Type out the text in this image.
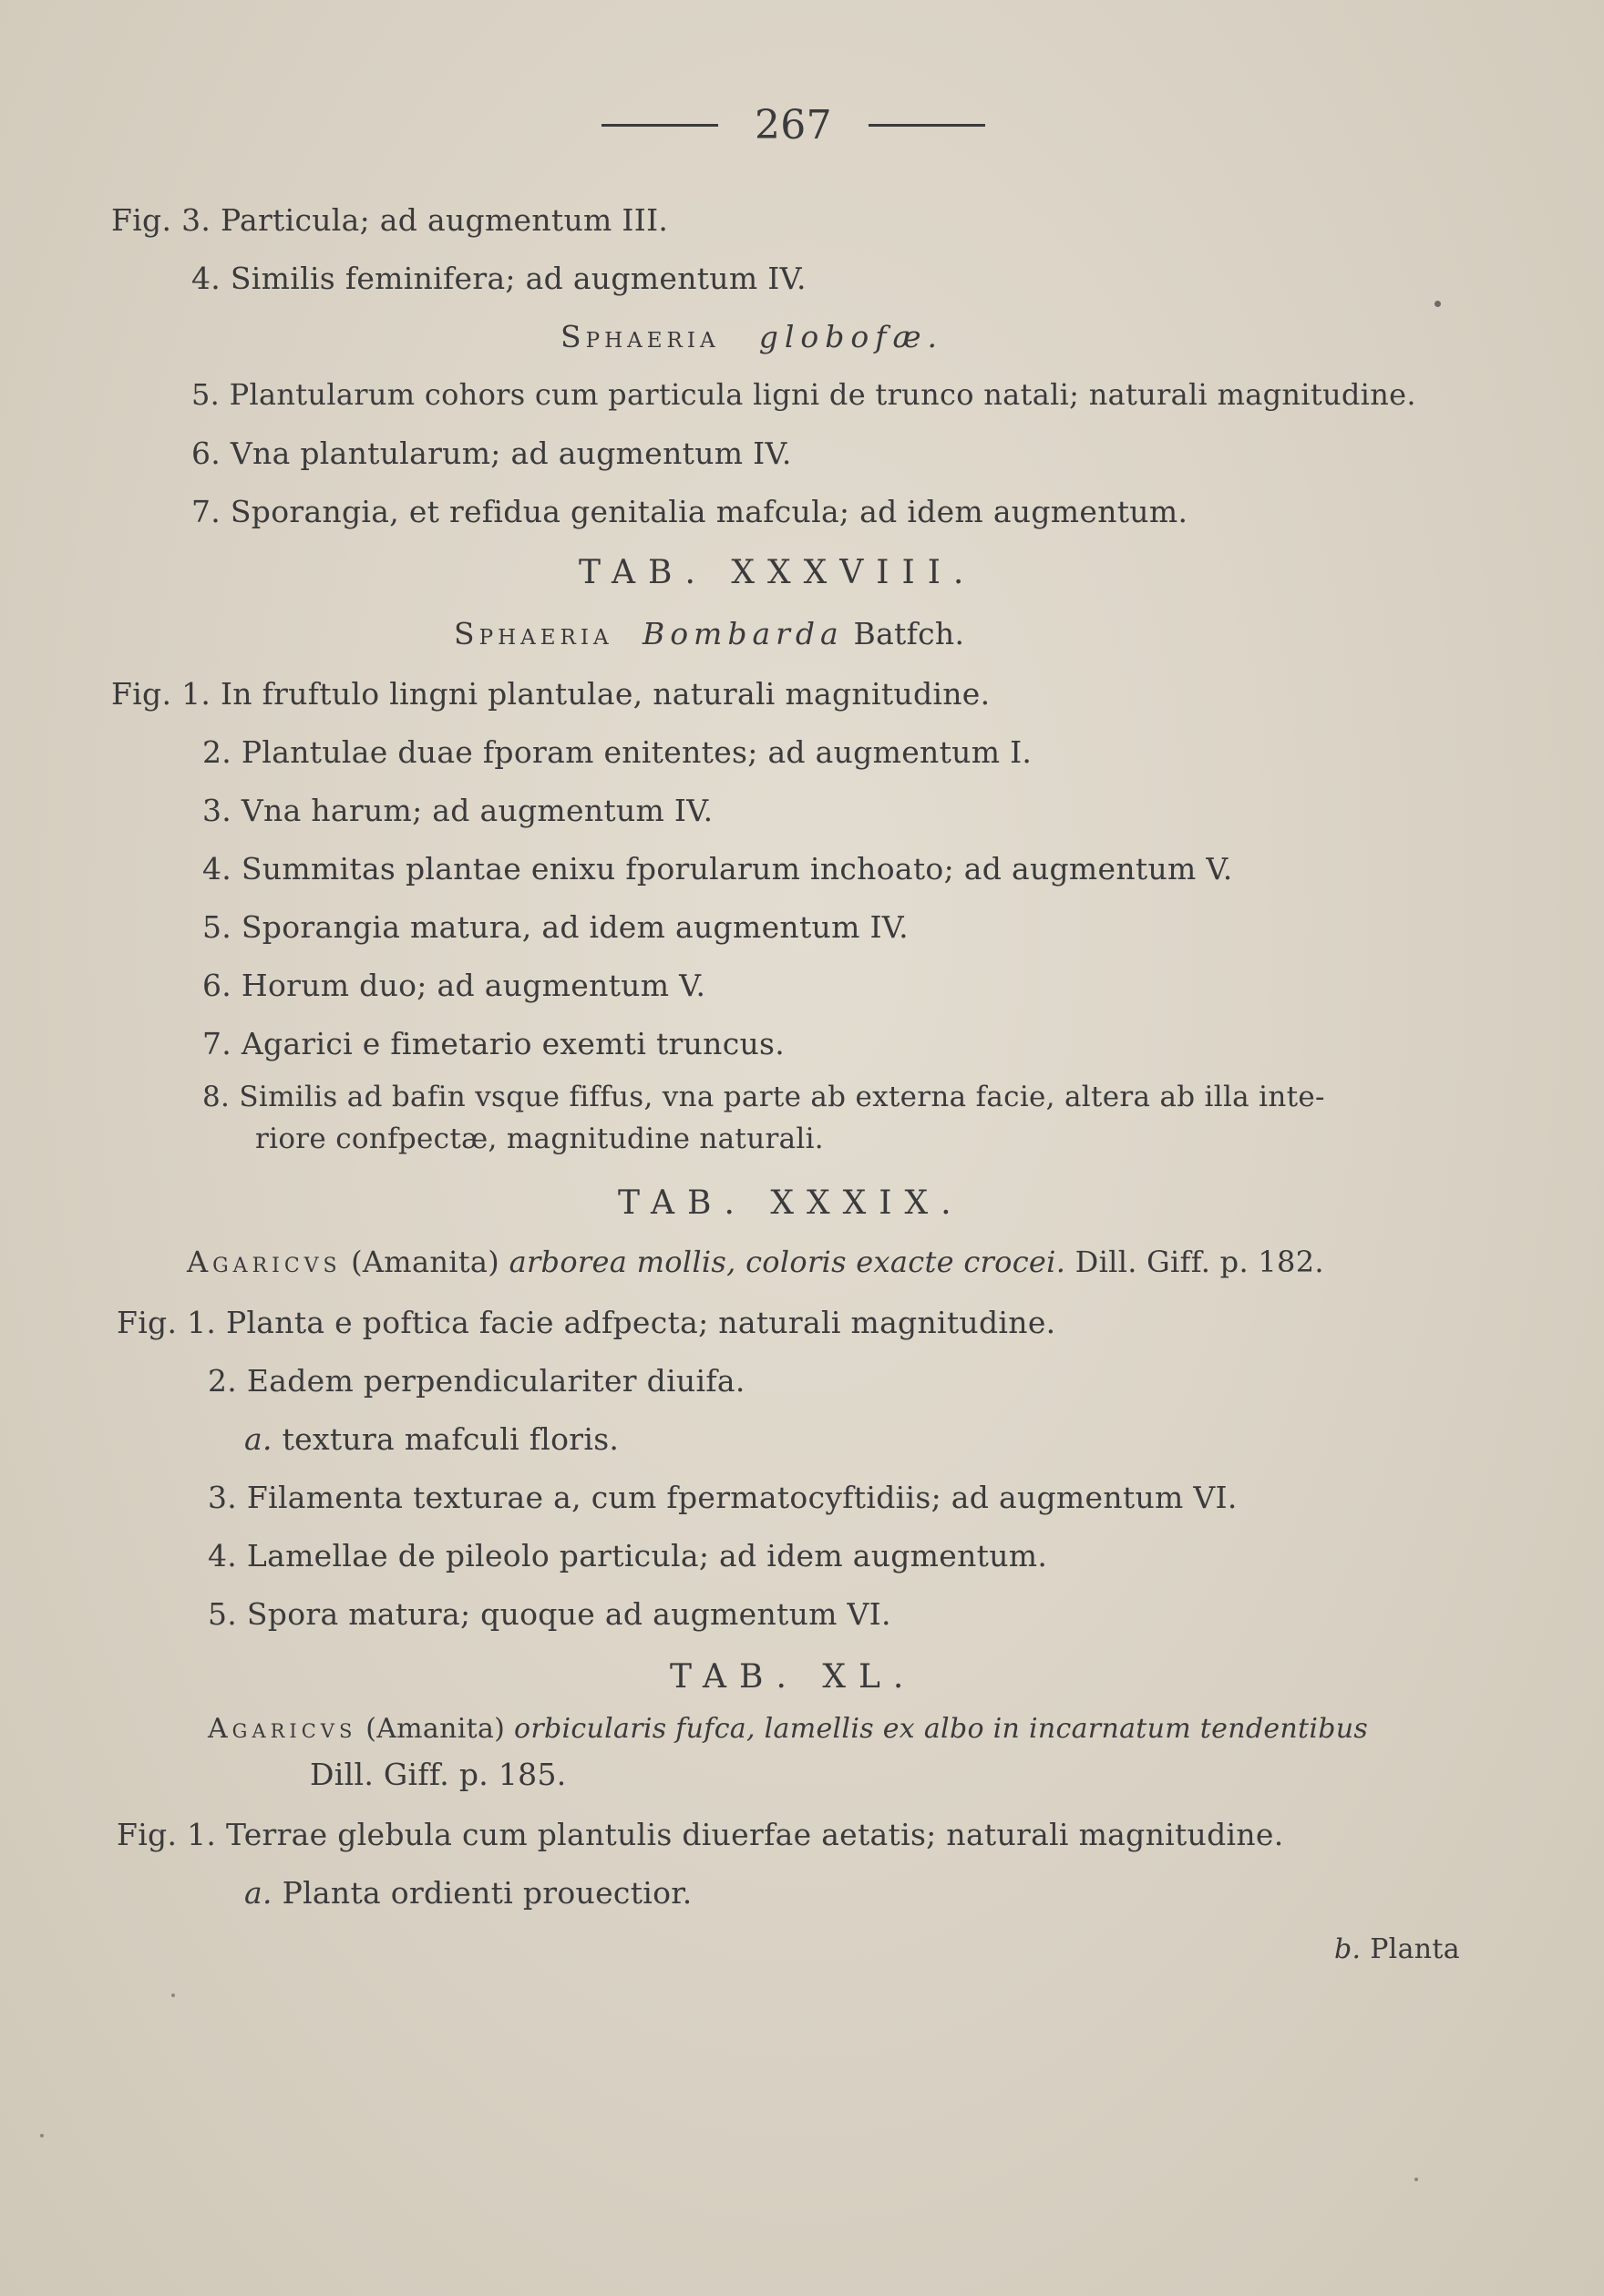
267
Fig. 3. Particula; ad augmentum III.
4. Similis feminifera; ad augmentum IV.
Sphaeria globofæ.
5. Plantularum cohors cum particula ligni de trunco natali; naturali magnitudine.
6. Vna plantularum; ad augmentum IV.
7. Sporangia, et refidua genitalia mafcula; ad idem augmentum.
TAB. XXXVIII.
Sphaeria Bombarda Batfch.
Fig. 1. In fruftulo lingni plantulae, naturali magnitudine.
2. Plantulae duae fporam enitentes; ad augmentum I.
3. Vna harum; ad augmentum IV.
4. Summitas plantae enixu fporularum inchoato; ad augmentum V.
5. Sporangia matura, ad idem augmentum IV.
6. Horum duo; ad augmentum V.
7. Agarici e fimetario exemti truncus.
8. Similis ad bafin vsque fiffus, vna parte ab externa facie, altera ab illa inte-
riore confpectæ, magnitudine naturali.
TAB. XXXIX.
Agaricvs (Amanita) arborea mollis, coloris exacte crocei. Dill. Giff. p. 182.
Fig. 1. Planta e poftica facie adfpecta; naturali magnitudine.
2. Eadem perpendiculariter diuifa.
a. textura mafculi floris.
3. Filamenta texturae a, cum fpermatocyftidiis; ad augmentum VI.
4. Lamellae de pileolo particula; ad idem augmentum.
5. Spora matura; quoque ad augmentum VI.
TAB. XL.
Agaricvs (Amanita) orbicularis fufca, lamellis ex albo in incarnatum tendentibus
Dill. Giff. p. 185.
Fig. 1. Terrae glebula cum plantulis diuerfae aetatis; naturali magnitudine.
a. Planta ordienti prouectior.
b. Planta
